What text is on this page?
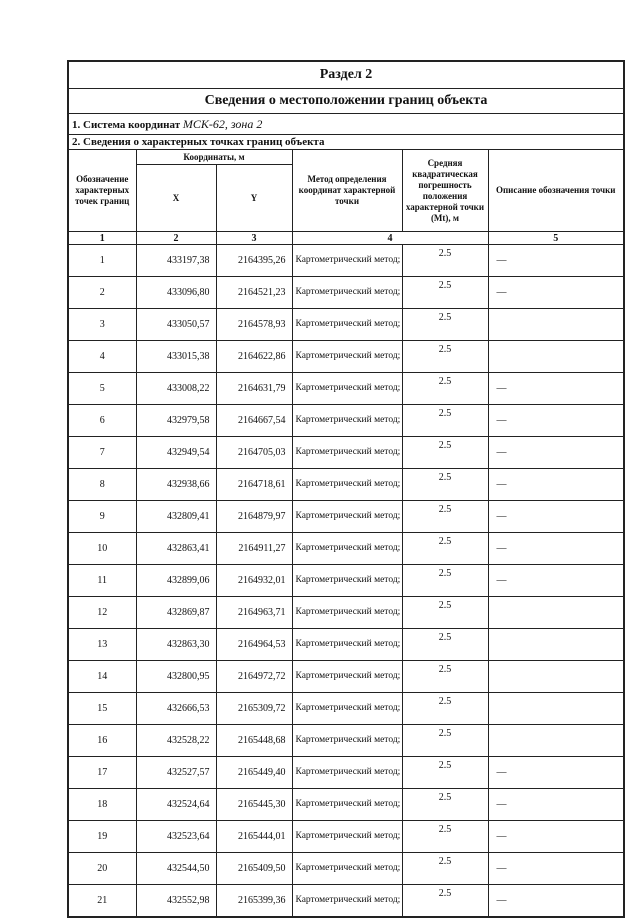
Раздел 2					
Сведения о местоположении границ объекта					
1. Система координат МСК-62, зона 2					
2. Сведения о характерных точках границ объекта					
Обозначение характерных точек границ	Координаты, м		Метод определения координат характерной точки	Средняя квадратическая погрешность положения характерной точки (Mt), м	Описание обозначения точки
	X	Y			
1	2	3	4		5
1	433197,38	2164395,26	Картометрический метод;	2.5	—
2	433096,80	2164521,23	Картометрический метод;	2.5	—
3	433050,57	2164578,93	Картометрический метод;	2.5	
4	433015,38	2164622,86	Картометрический метод;	2.5	
5	433008,22	2164631,79	Картометрический метод;	2.5	—
6	432979,58	2164667,54	Картометрический метод;	2.5	—
7	432949,54	2164705,03	Картометрический метод;	2.5	—
8	432938,66	2164718,61	Картометрический метод;	2.5	—
9	432809,41	2164879,97	Картометрический метод;	2.5	—
10	432863,41	2164911,27	Картометрический метод;	2.5	—
11	432899,06	2164932,01	Картометрический метод;	2.5	—
12	432869,87	2164963,71	Картометрический метод;	2.5	
13	432863,30	2164964,53	Картометрический метод;	2.5	
14	432800,95	2164972,72	Картометрический метод;	2.5	
15	432666,53	2165309,72	Картометрический метод;	2.5	
16	432528,22	2165448,68	Картометрический метод;	2.5	
17	432527,57	2165449,40	Картометрический метод;	2.5	—
18	432524,64	2165445,30	Картометрический метод;	2.5	—
19	432523,64	2165444,01	Картометрический метод;	2.5	—
20	432544,50	2165409,50	Картометрический метод;	2.5	—
21	432552,98	2165399,36	Картометрический метод;	2.5	—
